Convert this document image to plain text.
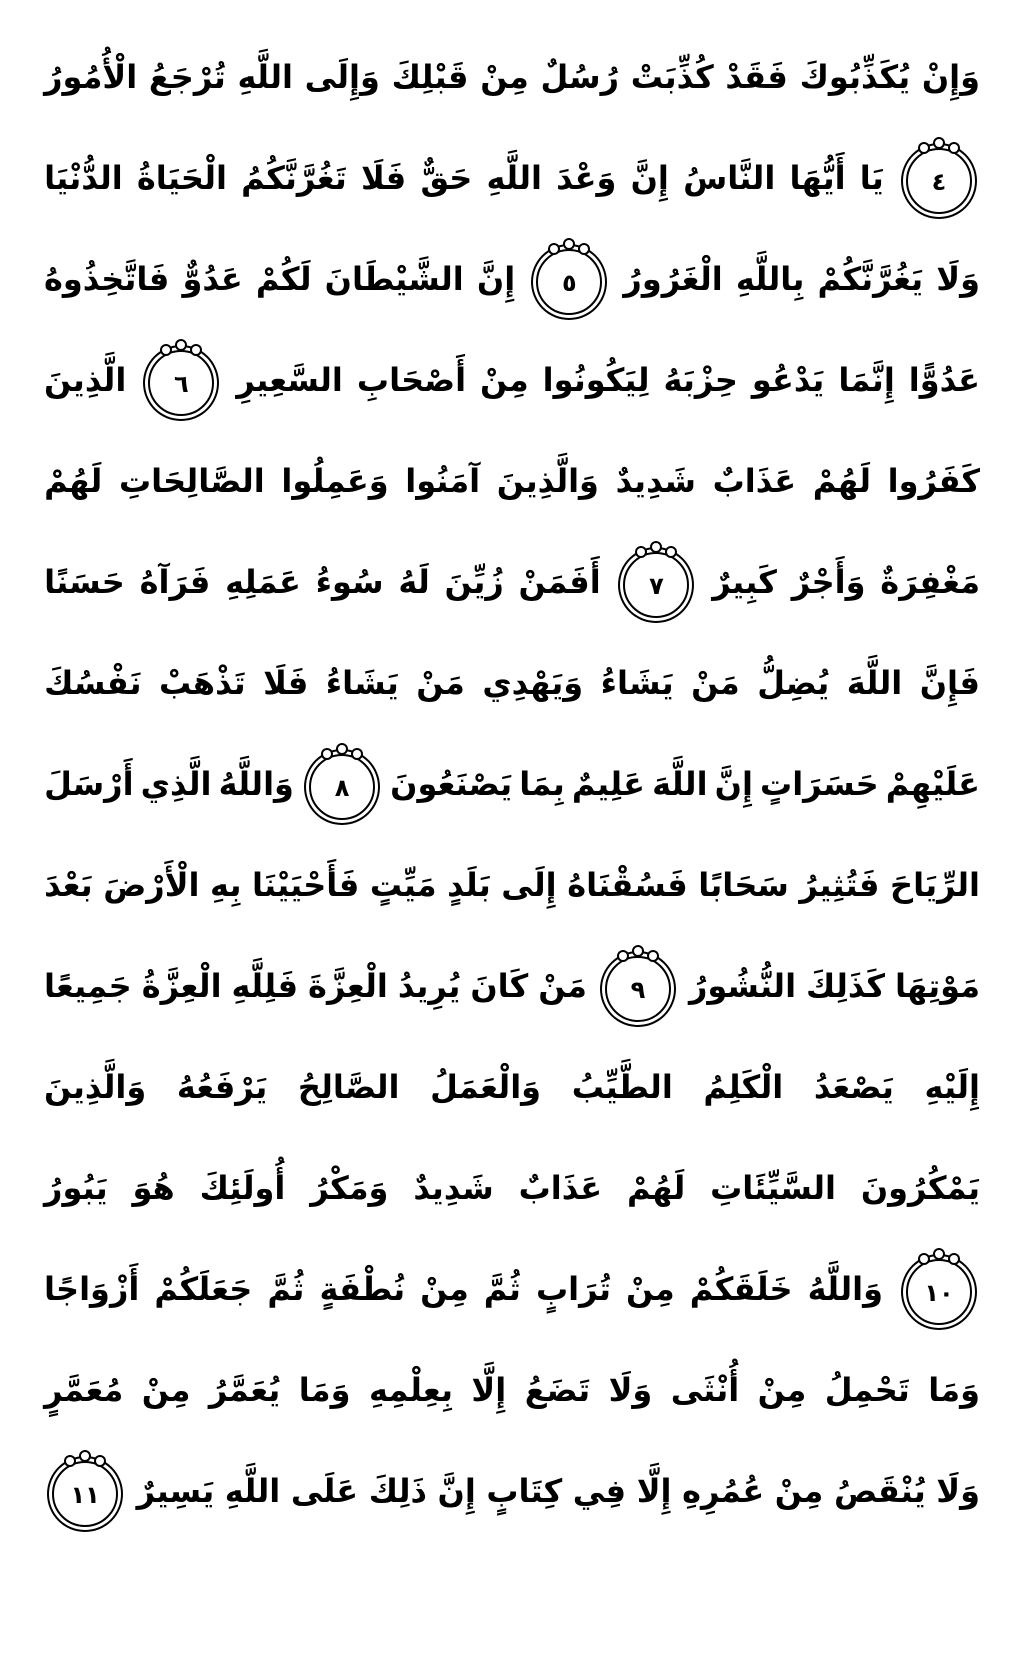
وَإِنْ
يُكَذِّبُوكَ
فَقَدْ
كُذِّبَتْ
رُسُلٌ
مِنْ
قَبْلِكَ
وَإِلَى
اللَّهِ
تُرْجَعُ
الْأُمُورُ
٤
يَا
أَيُّهَا
النَّاسُ
إِنَّ
وَعْدَ
اللَّهِ
حَقٌّ
فَلَا
تَغُرَّنَّكُمُ
الْحَيَاةُ
الدُّنْيَا
وَلَا
يَغُرَّنَّكُمْ
بِاللَّهِ
الْغَرُورُ
٥
إِنَّ
الشَّيْطَانَ
لَكُمْ
عَدُوٌّ
فَاتَّخِذُوهُ
عَدُوًّا
إِنَّمَا
يَدْعُو
حِزْبَهُ
لِيَكُونُوا
مِنْ
أَصْحَابِ
السَّعِيرِ
٦
الَّذِينَ
كَفَرُوا
لَهُمْ
عَذَابٌ
شَدِيدٌ
وَالَّذِينَ
آمَنُوا
وَعَمِلُوا
الصَّالِحَاتِ
لَهُمْ
مَغْفِرَةٌ
وَأَجْرٌ
كَبِيرٌ
٧
أَفَمَنْ
زُيِّنَ
لَهُ
سُوءُ
عَمَلِهِ
فَرَآهُ
حَسَنًا
فَإِنَّ
اللَّهَ
يُضِلُّ
مَنْ
يَشَاءُ
وَيَهْدِي
مَنْ
يَشَاءُ
فَلَا
تَذْهَبْ
نَفْسُكَ
عَلَيْهِمْ
حَسَرَاتٍ
إِنَّ
اللَّهَ
عَلِيمٌ
بِمَا
يَصْنَعُونَ
٨
وَاللَّهُ
الَّذِي
أَرْسَلَ
الرِّيَاحَ
فَتُثِيرُ
سَحَابًا
فَسُقْنَاهُ
إِلَى
بَلَدٍ
مَيِّتٍ
فَأَحْيَيْنَا
بِهِ
الْأَرْضَ
بَعْدَ
مَوْتِهَا
كَذَلِكَ
النُّشُورُ
٩
مَنْ
كَانَ
يُرِيدُ
الْعِزَّةَ
فَلِلَّهِ
الْعِزَّةُ
جَمِيعًا
إِلَيْهِ
يَصْعَدُ
الْكَلِمُ
الطَّيِّبُ
وَالْعَمَلُ
الصَّالِحُ
يَرْفَعُهُ
وَالَّذِينَ
يَمْكُرُونَ
السَّيِّئَاتِ
لَهُمْ
عَذَابٌ
شَدِيدٌ
وَمَكْرُ
أُولَئِكَ
هُوَ
يَبُورُ
١٠
وَاللَّهُ
خَلَقَكُمْ
مِنْ
تُرَابٍ
ثُمَّ
مِنْ
نُطْفَةٍ
ثُمَّ
جَعَلَكُمْ
أَزْوَاجًا
وَمَا
تَحْمِلُ
مِنْ
أُنْثَى
وَلَا
تَضَعُ
إِلَّا
بِعِلْمِهِ
وَمَا
يُعَمَّرُ
مِنْ
مُعَمَّرٍ
وَلَا
يُنْقَصُ
مِنْ
عُمُرِهِ
إِلَّا
فِي
كِتَابٍ
إِنَّ
ذَلِكَ
عَلَى
اللَّهِ
يَسِيرٌ
١١
